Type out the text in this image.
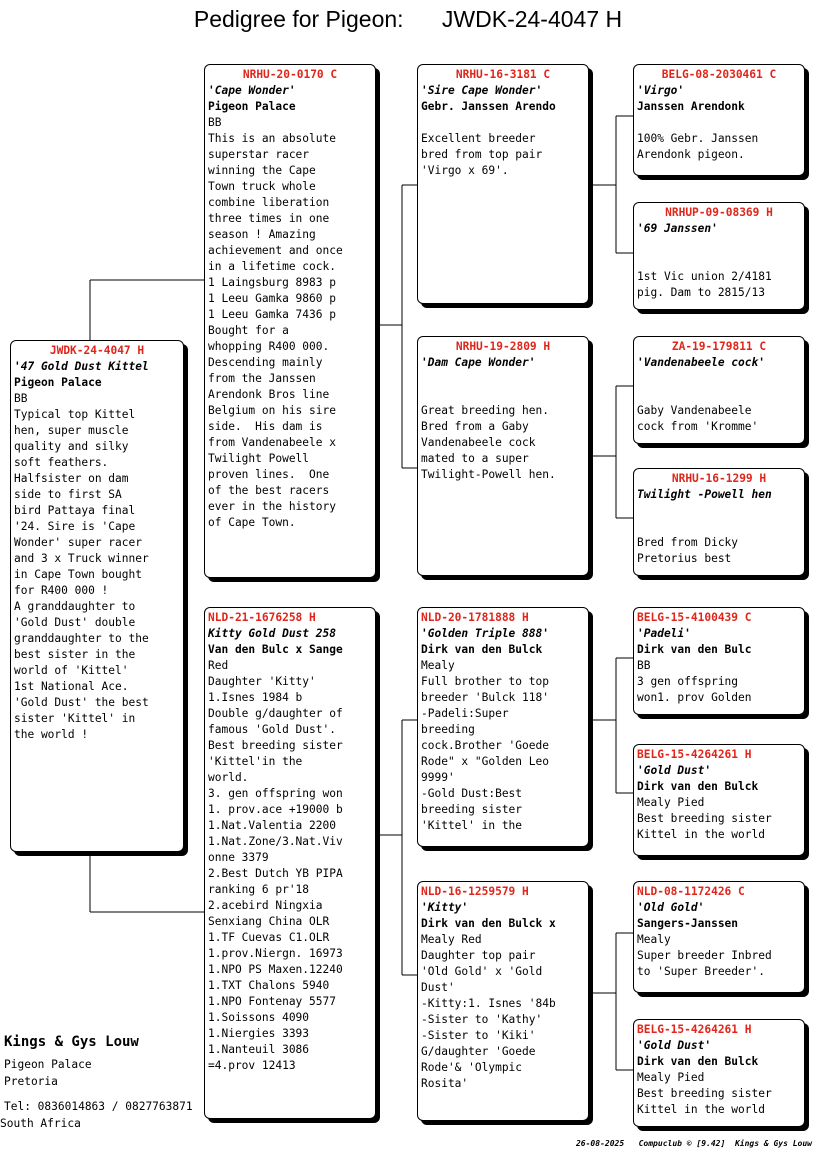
Pedigree for Pigeon: JWDK-24-4047 H
JWDK-24-4047 H
'47 Gold Dust Kittel
Pigeon Palace
BB
Typical top Kittel
hen, super muscle
quality and silky
soft feathers.
Halfsister on dam
side to first SA
bird Pattaya final
'24. Sire is 'Cape
Wonder' super racer
and 3 x Truck winner
in Cape Town bought
for R400 000 !
A granddaughter to
'Gold Dust' double
granddaughter to the
best sister in the
world of 'Kittel'
1st National Ace.
'Gold Dust' the best
sister 'Kittel' in
the world !
NRHU-20-0170 C
'Cape Wonder'
Pigeon Palace
BB
This is an absolute
superstar racer
winning the Cape
Town truck whole
combine liberation
three times in one
season ! Amazing
achievement and once
in a lifetime cock.
1 Laingsburg 8983 p
1 Leeu Gamka 9860 p
1 Leeu Gamka 7436 p
Bought for a
whopping R400 000.
Descending mainly
from the Janssen
Arendonk Bros line
Belgium on his sire
side.  His dam is
from Vandenabeele x
Twilight Powell
proven lines.  One
of the best racers
ever in the history
of Cape Town.
NLD-21-1676258 H
Kitty Gold Dust 258
Van den Bulc x Sange
Red
Daughter 'Kitty'
1.Isnes 1984 b
Double g/daughter of
famous 'Gold Dust'.
Best breeding sister
'Kittel'in the
world.
3. gen offspring won
1. prov.ace +19000 b
1.Nat.Valentia 2200
1.Nat.Zone/3.Nat.Viv
onne 3379
2.Best Dutch YB PIPA
ranking 6 pr'18
2.acebird Ningxia
Senxiang China OLR
1.TF Cuevas C1.OLR
1.prov.Niergn. 16973
1.NPO PS Maxen.12240
1.TXT Chalons 5940
1.NPO Fontenay 5577
1.Soissons 4090
1.Niergies 3393
1.Nanteuil 3086
=4.prov 12413
NRHU-16-3181 C
'Sire Cape Wonder'
Gebr. Janssen Arendo
Excellent breeder
bred from top pair
'Virgo x 69'.
NRHU-19-2809 H
'Dam Cape Wonder'
Great breeding hen.
Bred from a Gaby
Vandenabeele cock
mated to a super
Twilight-Powell hen.
NLD-20-1781888 H
'Golden Triple 888'
Dirk van den Bulck
Mealy
Full brother to top
breeder 'Bulck 118'
-Padeli:Super
breeding
cock.Brother 'Goede
Rode" x "Golden Leo
9999'
-Gold Dust:Best
breeding sister
'Kittel' in the
NLD-16-1259579 H
'Kitty'
Dirk van den Bulck x
Mealy Red
Daughter top pair
'Old Gold' x 'Gold
Dust'
-Kitty:1. Isnes '84b
-Sister to 'Kathy'
-Sister to 'Kiki'
G/daughter 'Goede
Rode'& 'Olympic
Rosita'
BELG-08-2030461 C
'Virgo'
Janssen Arendonk
100% Gebr. Janssen
Arendonk pigeon.
NRHUP-09-08369 H
'69 Janssen'
1st Vic union 2/4181
pig. Dam to 2815/13
ZA-19-179811 C
'Vandenabeele cock'
Gaby Vandenabeele
cock from 'Kromme'
NRHU-16-1299 H
Twilight -Powell hen
Bred from Dicky
Pretorius best
BELG-15-4100439 C
'Padeli'
Dirk van den Bulc
BB
3 gen offspring
won1. prov Golden
BELG-15-4264261 H
'Gold Dust'
Dirk van den Bulck
Mealy Pied
Best breeding sister
Kittel in the world
NLD-08-1172426 C
'Old Gold'
Sangers-Janssen
Mealy
Super breeder Inbred
to 'Super Breeder'.
BELG-15-4264261 H
'Gold Dust'
Dirk van den Bulck
Mealy Pied
Best breeding sister
Kittel in the world
Kings & Gys Louw
Pigeon Palace
Pretoria
Tel: 0836014863 / 0827763871
South Africa
26-08-2025 Compuclub © [9.42]  Kings & Gys Louw
